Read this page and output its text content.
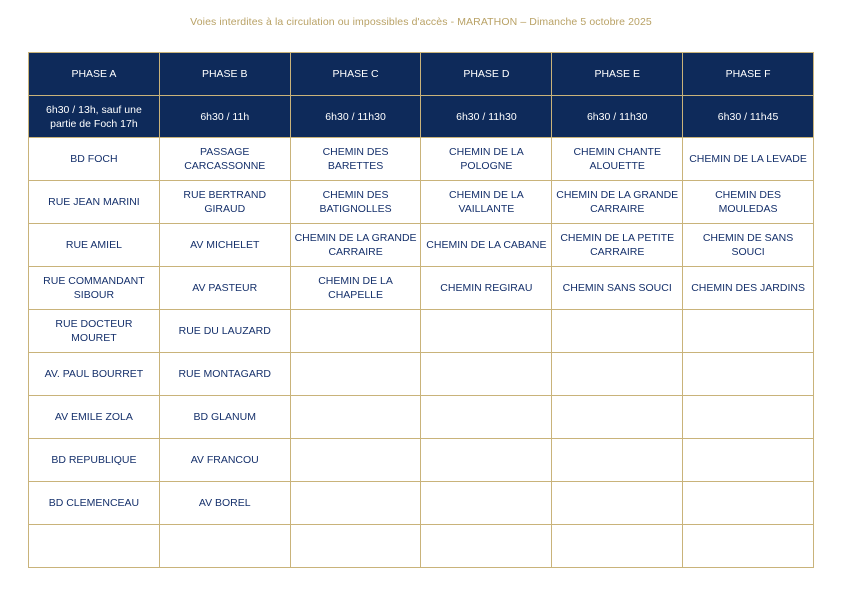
Voies interdites à la circulation ou impossibles d'accès - MARATHON – Dimanche 5 octobre 2025
PHASE A	PHASE B	PHASE C	PHASE D	PHASE E	PHASE F
6h30 / 13h, sauf une partie de Foch 17h	6h30 / 11h	6h30 / 11h30	6h30 / 11h30	6h30 / 11h30	6h30 / 11h45
BD FOCH	PASSAGE CARCASSONNE	CHEMIN DES BARETTES	CHEMIN DE LA POLOGNE	CHEMIN CHANTE ALOUETTE	CHEMIN DE LA LEVADE
RUE JEAN MARINI	RUE BERTRAND GIRAUD	CHEMIN DES BATIGNOLLES	CHEMIN DE LA VAILLANTE	CHEMIN DE LA GRANDE CARRAIRE	CHEMIN DES MOULEDAS
RUE AMIEL	AV MICHELET	CHEMIN DE LA GRANDE CARRAIRE	CHEMIN DE LA CABANE	CHEMIN DE LA PETITE CARRAIRE	CHEMIN DE SANS SOUCI
RUE COMMANDANT SIBOUR	AV PASTEUR	CHEMIN DE LA CHAPELLE	CHEMIN REGIRAU	CHEMIN SANS SOUCI	CHEMIN DES JARDINS
RUE DOCTEUR MOURET	RUE DU LAUZARD				
AV. PAUL BOURRET	RUE MONTAGARD				
AV EMILE ZOLA	BD GLANUM				
BD REPUBLIQUE	AV FRANCOU				
BD CLEMENCEAU	AV BOREL				
